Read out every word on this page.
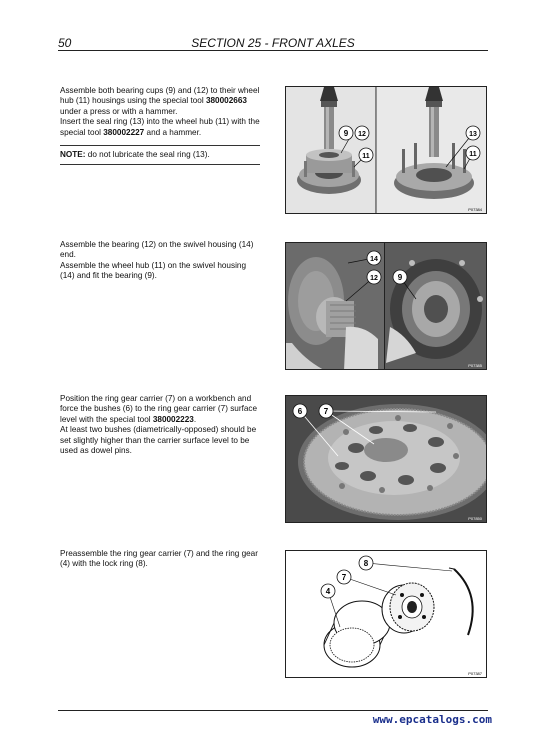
50	SECTION 25 - FRONT AXLES

Assemble both bearing cups (9) and (12) to their wheel hub (11) housings using the special tool 380002663 under a press or with a hammer.

Insert the seal ring (13) into the wheel hub (11) with the special tool 380002227 and a hammer.

NOTE: do not lubricate the seal ring (13).
9 12
11
13
11
P07384

Assemble the bearing (12) on the swivel housing (14) end.

Assemble the wheel hub (11) on the swivel housing (14) and fit the bearing (9).

14
12 9
P07385

Position the ring gear carrier (7) on a workbench and force the bushes (6) to the ring gear carrier (7) surface level with the special tool 380002223.

At least two bushes (diametrically-opposed) should be set slightly higher than the carrier surface level to be used as dowel pins.

6	7
P07850

Preassemble the ring gear carrier (7) and the ring gear (4) with the lock ring (8).	8
7
4
P07387
www.epcatalogs.com
